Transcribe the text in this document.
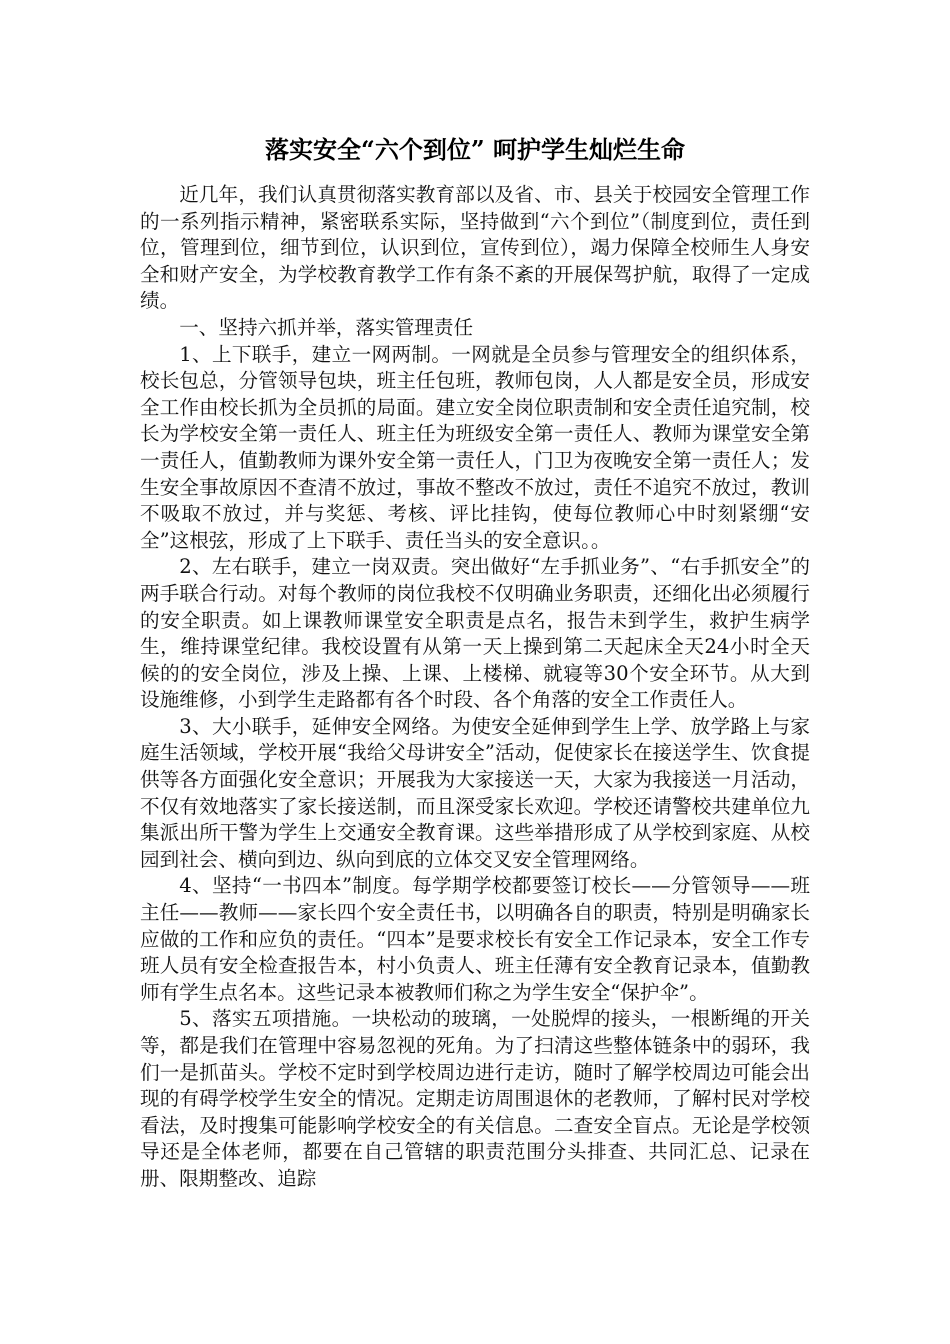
落实安全“六个到位” 呵护学生灿烂生命

近几年，我们认真贯彻落实教育部以及省、市、县关于校园安全管理工作的一系列指示精神，紧密联系实际，坚持做到“六个到位”（制度到位，责任到位，管理到位，细节到位，认识到位，宣传到位），竭力保障全校师生人身安全和财产安全，为学校教育教学工作有条不紊的开展保驾护航，取得了一定成绩。

一、坚持六抓并举，落实管理责任

1、上下联手，建立一网两制。一网就是全员参与管理安全的组织体系，校长包总，分管领导包块，班主任包班，教师包岗，人人都是安全员，形成安全工作由校长抓为全员抓的局面。建立安全岗位职责制和安全责任追究制，校长为学校安全第一责任人、班主任为班级安全第一责任人、教师为课堂安全第一责任人，值勤教师为课外安全第一责任人，门卫为夜晚安全第一责任人；发生安全事故原因不查清不放过，事故不整改不放过，责任不追究不放过，教训不吸取不放过，并与奖惩、考核、评比挂钩，使每位教师心中时刻紧绷“安全”这根弦，形成了上下联手、责任当头的安全意识。。

2、左右联手，建立一岗双责。突出做好“左手抓业务”、“右手抓安全”的两手联合行动。对每个教师的岗位我校不仅明确业务职责，还细化出必须履行的安全职责。如上课教师课堂安全职责是点名，报告未到学生，救护生病学生，维持课堂纪律。我校设置有从第一天上操到第二天起床全天24小时全天候的的安全岗位，涉及上操、上课、上楼梯、就寝等30个安全环节。从大到设施维修，小到学生走路都有各个时段、各个角落的安全工作责任人。

3、大小联手，延伸安全网络。为使安全延伸到学生上学、放学路上与家庭生活领域，学校开展“我给父母讲安全”活动，促使家长在接送学生、饮食提供等各方面强化安全意识；开展我为大家接送一天，大家为我接送一月活动，不仅有效地落实了家长接送制，而且深受家长欢迎。学校还请警校共建单位九集派出所干警为学生上交通安全教育课。这些举措形成了从学校到家庭、从校园到社会、横向到边、纵向到底的立体交叉安全管理网络。

4、坚持“一书四本”制度。每学期学校都要签订校长——分管领导——班主任——教师——家长四个安全责任书，以明确各自的职责，特别是明确家长应做的工作和应负的责任。“四本”是要求校长有安全工作记录本，安全工作专班人员有安全检查报告本，村小负责人、班主任薄有安全教育记录本，值勤教师有学生点名本。这些记录本被教师们称之为学生安全“保护伞”。

5、落实五项措施。一块松动的玻璃，一处脱焊的接头，一根断绳的开关等，都是我们在管理中容易忽视的死角。为了扫清这些整体链条中的弱环，我们一是抓苗头。学校不定时到学校周边进行走访，随时了解学校周边可能会出现的有碍学校学生安全的情况。定期走访周围退休的老教师，了解村民对学校看法，及时搜集可能影响学校安全的有关信息。二查安全盲点。无论是学校领导还是全体老师，都要在自己管辖的职责范围分头排查、共同汇总、记录在册、限期整改、追踪
